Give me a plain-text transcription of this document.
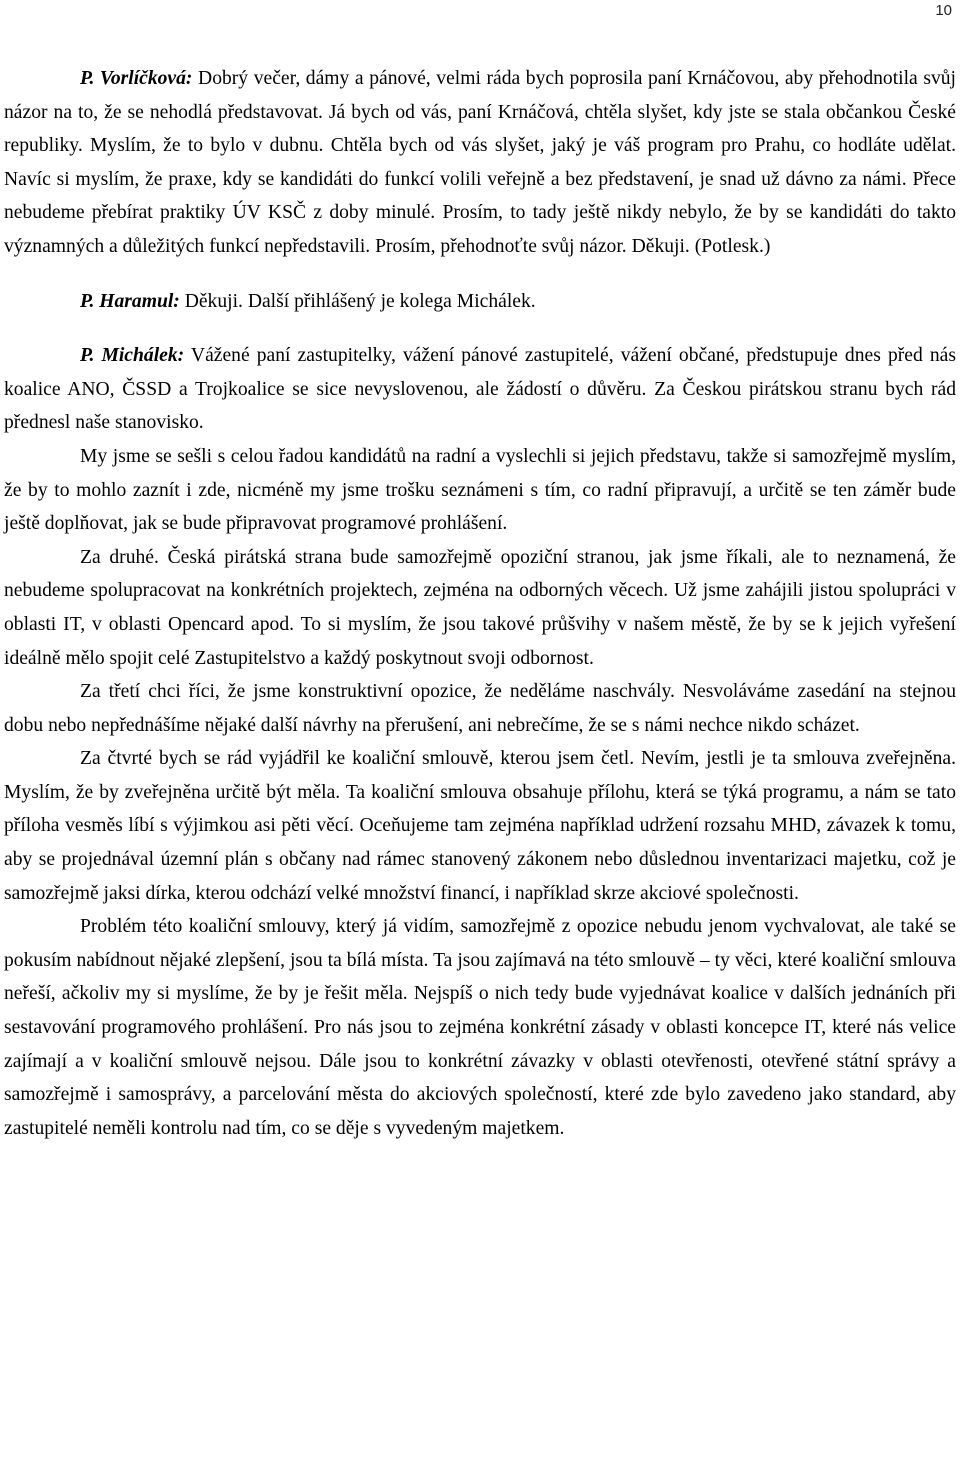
10

P. Vorlíčková: Dobrý večer, dámy a pánové, velmi ráda bych poprosila paní Krnáčovou, aby přehodnotila svůj názor na to, že se nehodlá představovat. Já bych od vás, paní Krnáčová, chtěla slyšet, kdy jste se stala občankou České republiky. Myslím, že to bylo v dubnu. Chtěla bych od vás slyšet, jaký je váš program pro Prahu, co hodláte udělat. Navíc si myslím, že praxe, kdy se kandidáti do funkcí volili veřejně a bez představení, je snad už dávno za námi. Přece nebudeme přebírat praktiky ÚV KSČ z doby minulé. Prosím, to tady ještě nikdy nebylo, že by se kandidáti do takto významných a důležitých funkcí nepředstavili. Prosím, přehodnoťte svůj názor. Děkuji. (Potlesk.)

P. Haramul: Děkuji. Další přihlášený je kolega Michálek.

P. Michálek: Vážené paní zastupitelky, vážení pánové zastupitelé, vážení občané, předstupuje dnes před nás koalice ANO, ČSSD a Trojkoalice se sice nevyslovenou, ale žádostí o důvěru. Za Českou pirátskou stranu bych rád přednesl naše stanovisko.

My jsme se sešli s celou řadou kandidátů na radní a vyslechli si jejich představu, takže si samozřejmě myslím, že by to mohlo zaznít i zde, nicméně my jsme trošku seznámeni s tím, co radní připravují, a určitě se ten záměr bude ještě doplňovat, jak se bude připravovat programové prohlášení.

Za druhé. Česká pirátská strana bude samozřejmě opoziční stranou, jak jsme říkali, ale to neznamená, že nebudeme spolupracovat na konkrétních projektech, zejména na odborných věcech. Už jsme zahájili jistou spolupráci v oblasti IT, v oblasti Opencard apod. To si myslím, že jsou takové průšvihy v našem městě, že by se k jejich vyřešení ideálně mělo spojit celé Zastupitelstvo a každý poskytnout svoji odbornost.

Za třetí chci říci, že jsme konstruktivní opozice, že neděláme naschvály. Nesvoláváme zasedání na stejnou dobu nebo nepřednášíme nějaké další návrhy na přerušení, ani nebrečíme, že se s námi nechce nikdo scházet.

Za čtvrté bych se rád vyjádřil ke koaliční smlouvě, kterou jsem četl. Nevím, jestli je ta smlouva zveřejněna. Myslím, že by zveřejněna určitě být měla. Ta koaliční smlouva obsahuje přílohu, která se týká programu, a nám se tato příloha vesměs líbí s výjimkou asi pěti věcí. Oceňujeme tam zejména například udržení rozsahu MHD, závazek k tomu, aby se projednával územní plán s občany nad rámec stanovený zákonem nebo důslednou inventarizaci majetku, což je samozřejmě jaksi dírka, kterou odchází velké množství financí, i například skrze akciové společnosti.

Problém této koaliční smlouvy, který já vidím, samozřejmě z opozice nebudu jenom vychvalovat, ale také se pokusím nabídnout nějaké zlepšení, jsou ta bílá místa. Ta jsou zajímavá na této smlouvě – ty věci, které koaliční smlouva neřeší, ačkoliv my si myslíme, že by je řešit měla. Nejspíš o nich tedy bude vyjednávat koalice v dalších jednáních při sestavování programového prohlášení. Pro nás jsou to zejména konkrétní zásady v oblasti koncepce IT, které nás velice zajímají a v koaliční smlouvě nejsou. Dále jsou to konkrétní závazky v oblasti otevřenosti, otevřené státní správy a samozřejmě i samosprávy, a parcelování města do akciových společností, které zde bylo zavedeno jako standard, aby zastupitelé neměli kontrolu nad tím, co se děje s vyvedeným majetkem.
